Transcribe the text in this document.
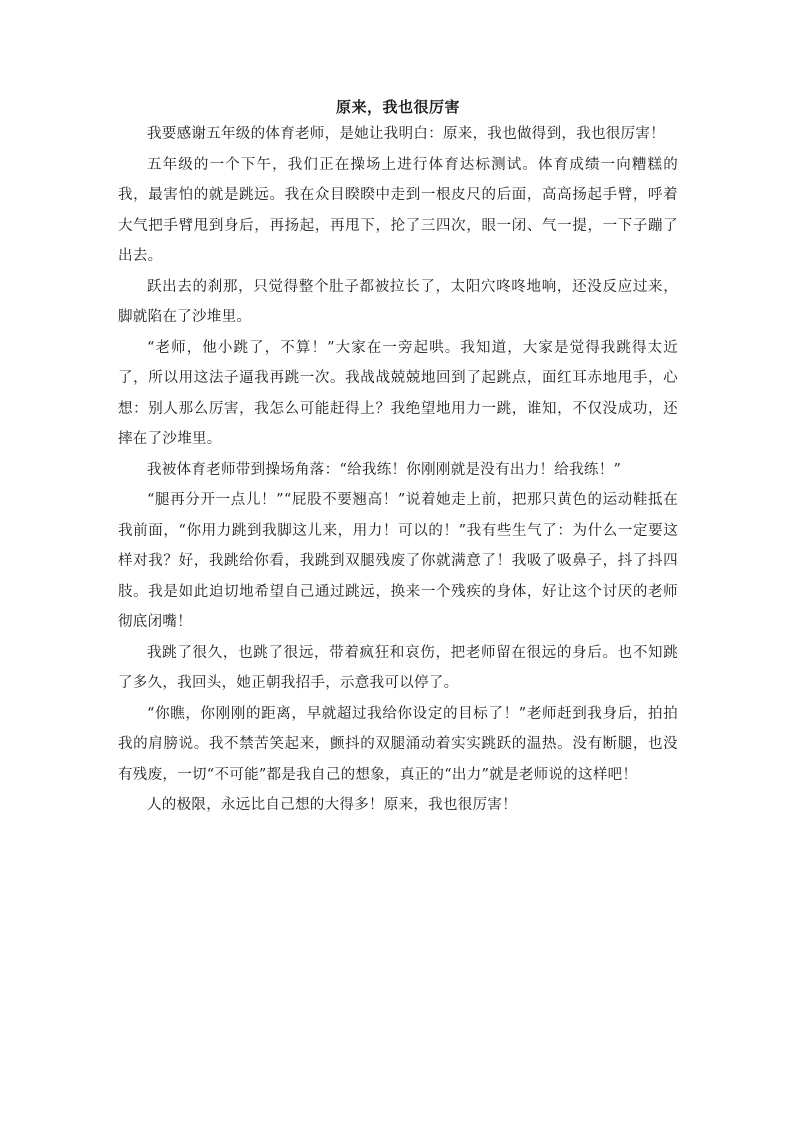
原来，我也很厉害

我要感谢五年级的体育老师，是她让我明白：原来，我也做得到，我也很厉害！

五年级的一个下午，我们正在操场上进行体育达标测试。体育成绩一向糟糕的我，最害怕的就是跳远。我在众目睽睽中走到一根皮尺的后面，高高扬起手臂，呼着大气把手臂甩到身后，再扬起，再甩下，抡了三四次，眼一闭、气一提，一下子蹦了出去。

跃出去的刹那，只觉得整个肚子都被拉长了，太阳穴咚咚地响，还没反应过来，脚就陷在了沙堆里。

“老师，他小跳了，不算！”大家在一旁起哄。我知道，大家是觉得我跳得太近了，所以用这法子逼我再跳一次。我战战兢兢地回到了起跳点，面红耳赤地甩手，心想：别人那么厉害，我怎么可能赶得上？我绝望地用力一跳，谁知，不仅没成功，还摔在了沙堆里。

我被体育老师带到操场角落：“给我练！你刚刚就是没有出力！给我练！”

“腿再分开一点儿！”“屁股不要翘高！”说着她走上前，把那只黄色的运动鞋抵在我前面，“你用力跳到我脚这儿来，用力！可以的！”我有些生气了：为什么一定要这样对我？好，我跳给你看，我跳到双腿残废了你就满意了！我吸了吸鼻子，抖了抖四肢。我是如此迫切地希望自己通过跳远，换来一个残疾的身体，好让这个讨厌的老师彻底闭嘴！

我跳了很久，也跳了很远，带着疯狂和哀伤，把老师留在很远的身后。也不知跳了多久，我回头，她正朝我招手，示意我可以停了。

“你瞧，你刚刚的距离，早就超过我给你设定的目标了！”老师赶到我身后，拍拍我的肩膀说。我不禁苦笑起来，颤抖的双腿涌动着实实跳跃的温热。没有断腿，也没有残废，一切“不可能”都是我自己的想象，真正的“出力”就是老师说的这样吧！

人的极限，永远比自己想的大得多！原来，我也很厉害！
